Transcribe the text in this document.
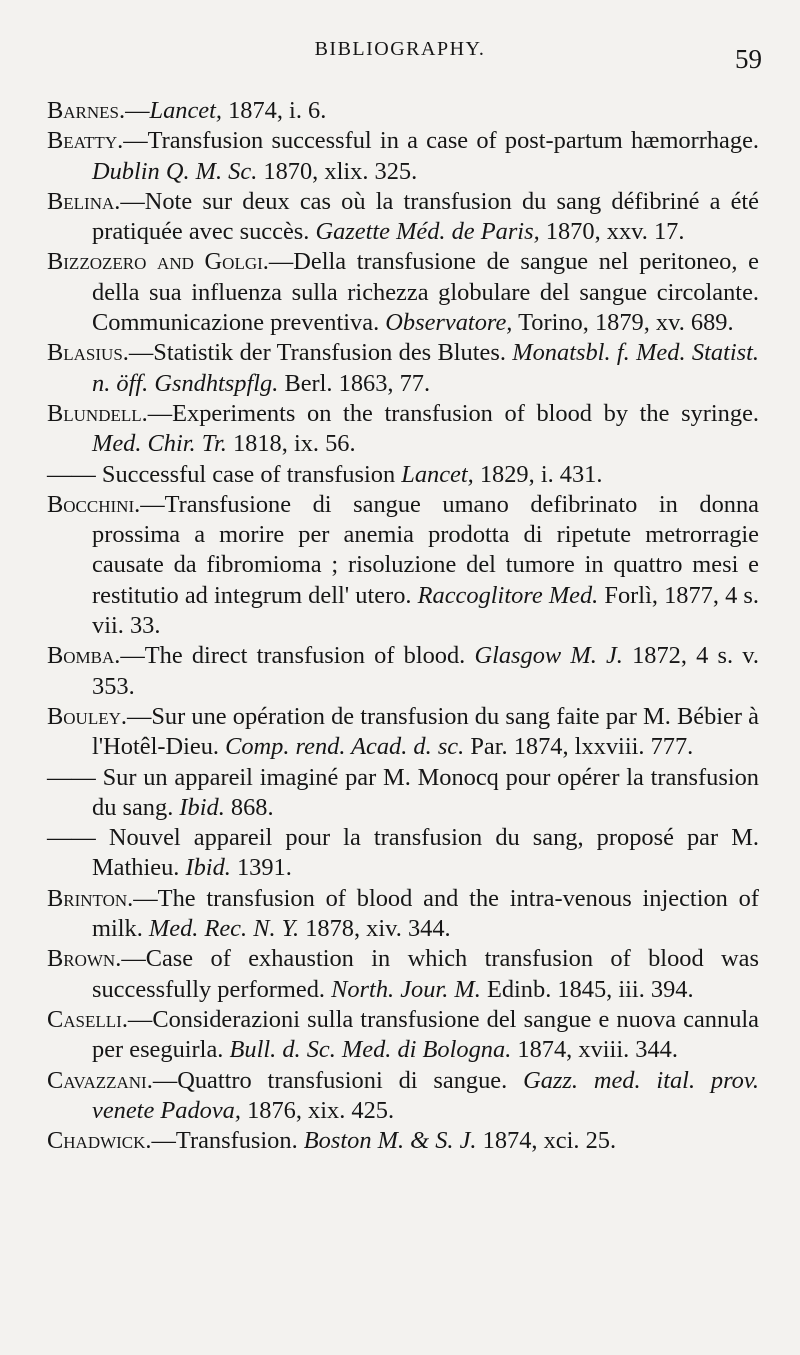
BIBLIOGRAPHY.	59

Barnes.—Lancet, 1874, i. 6.

Beatty.—Transfusion successful in a case of post-partum hæmorrhage. Dublin Q. M. Sc. 1870, xlix. 325.

Belina.—Note sur deux cas où la transfusion du sang défibriné a été pratiquée avec succès. Gazette Méd. de Paris, 1870, xxv. 17.

Bizzozero and Golgi.—Della transfusione de sangue nel peritoneo, e della sua influenza sulla richezza globulare del sangue circolante. Communicazione preventiva. Observatore, Torino, 1879, xv. 689.

Blasius.—Statistik der Transfusion des Blutes. Monatsbl. f. Med. Statist. n. öff. Gsndhtspflg. Berl. 1863, 77.

Blundell.—Experiments on the transfusion of blood by the syringe. Med. Chir. Tr. 1818, ix. 56.

—— Successful case of transfusion Lancet, 1829, i. 431.

Bocchini.—Transfusione di sangue umano defibrinato in donna prossima a morire per anemia prodotta di ripetute metrorragie causate da fibromioma ; risoluzione del tumore in quattro mesi e restitutio ad integrum dell' utero. Raccoglitore Med. Forlì, 1877, 4 s. vii. 33.

Bomba.—The direct transfusion of blood. Glasgow M. J. 1872, 4 s. v. 353.

Bouley.—Sur une opération de transfusion du sang faite par M. Bébier à l'Hotêl-Dieu. Comp. rend. Acad. d. sc. Par. 1874, lxxviii. 777.

—— Sur un appareil imaginé par M. Monocq pour opérer la transfusion du sang. Ibid. 868.

—— Nouvel appareil pour la transfusion du sang, proposé par M. Mathieu. Ibid. 1391.

Brinton.—The transfusion of blood and the intra-venous injection of milk. Med. Rec. N. Y. 1878, xiv. 344.

Brown.—Case of exhaustion in which transfusion of blood was successfully performed. North. Jour. M. Edinb. 1845, iii. 394.

Caselli.—Considerazioni sulla transfusione del sangue e nuova cannula per eseguirla. Bull. d. Sc. Med. di Bologna. 1874, xviii. 344.

Cavazzani.—Quattro transfusioni di sangue. Gazz. med. ital. prov. venete Padova, 1876, xix. 425.

Chadwick.—Transfusion. Boston M. & S. J. 1874, xci. 25.
